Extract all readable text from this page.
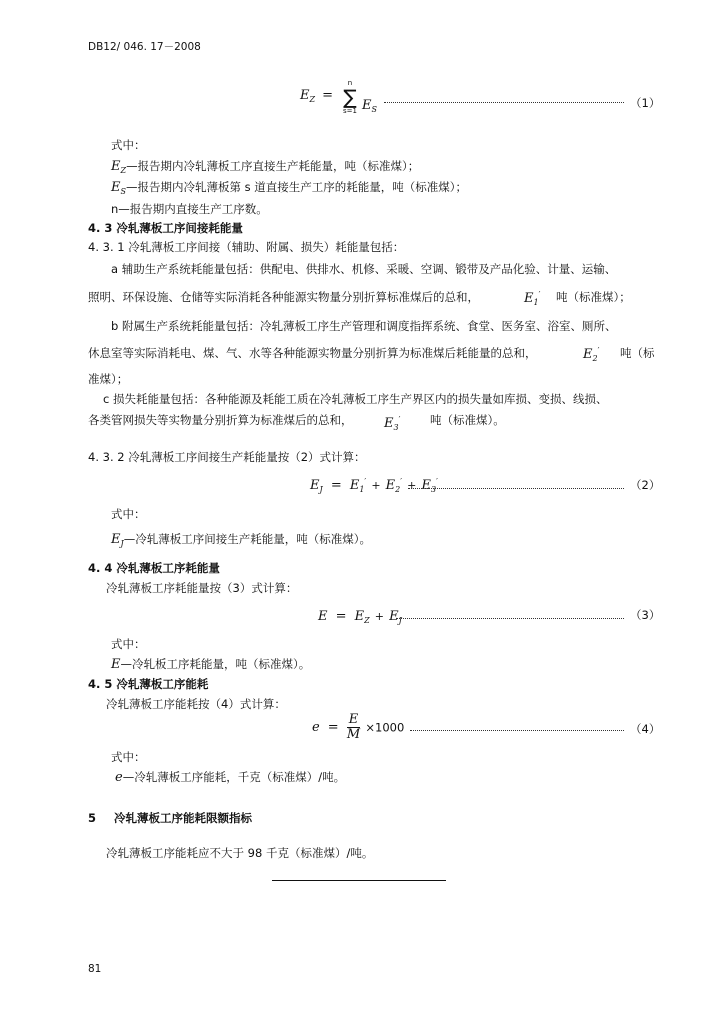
DB12/ 046. 17－2008
$E_Z$ =
n
∑
s=1 $E_S$	（1）
式中：
$E_Z—$报告期内冷轧薄板工序直接生产耗能量，吨（标准煤）；
$E_S—$报告期内冷轧薄板第 s 道直接生产工序的耗能量，吨（标准煤）；
n—报告期内直接生产工序数。
4. 3 冷轧薄板工序间接耗能量
4. 3. 1 冷轧薄板工序间接（辅助、附属、损失）耗能量包括：
a 辅助生产系统耗能量包括：供配电、供排水、机修、采暖、空调、锻带及产品化验、计量、运输、
照明、环保设施、仓储等实际消耗各种能源实物量分别折算标准煤后的总和，	$E_1'$ 吨（标准煤）；
b 附属生产系统耗能量包括：冷轧薄板工序生产管理和调度指挥系统、食堂、医务室、浴室、厕所、
休息室等实际消耗电、煤、气、水等各种能源实物量分别折算为标准煤后耗能量的总和，	$E_2'$ 吨（标
准煤）；
c 损失耗能量包括：各种能源及耗能工质在冷轧薄板工序生产界区内的损失量如库损、变损、线损、
各类管网损失等实物量分别折算为标准煤后的总和， $E_3'$	吨（标准煤）。
4. 3. 2 冷轧薄板工序间接生产耗能量按（2）式计算：
$E_J = E_1' + E_2' + E_3'$	（2）
式中：
$E_J—$冷轧薄板工序间接生产耗能量，吨（标准煤）。
4. 4 冷轧薄板工序耗能量
冷轧薄板工序耗能量按（3）式计算：
$E = E_Z + E_J$	（3）
式中：
E—冷轧板工序耗能量，吨（标准煤）。
4. 5 冷轧薄板工序能耗
冷轧薄板工序能耗按（4）式计算：
$e = \frac{E}{M} \times 1000$	（4）
式中：
e—冷轧薄板工序能耗，千克（标准煤）/吨。
5 冷轧薄板工序能耗限额指标
冷轧薄板工序能耗应不大于 98 千克（标准煤）/吨。
81
